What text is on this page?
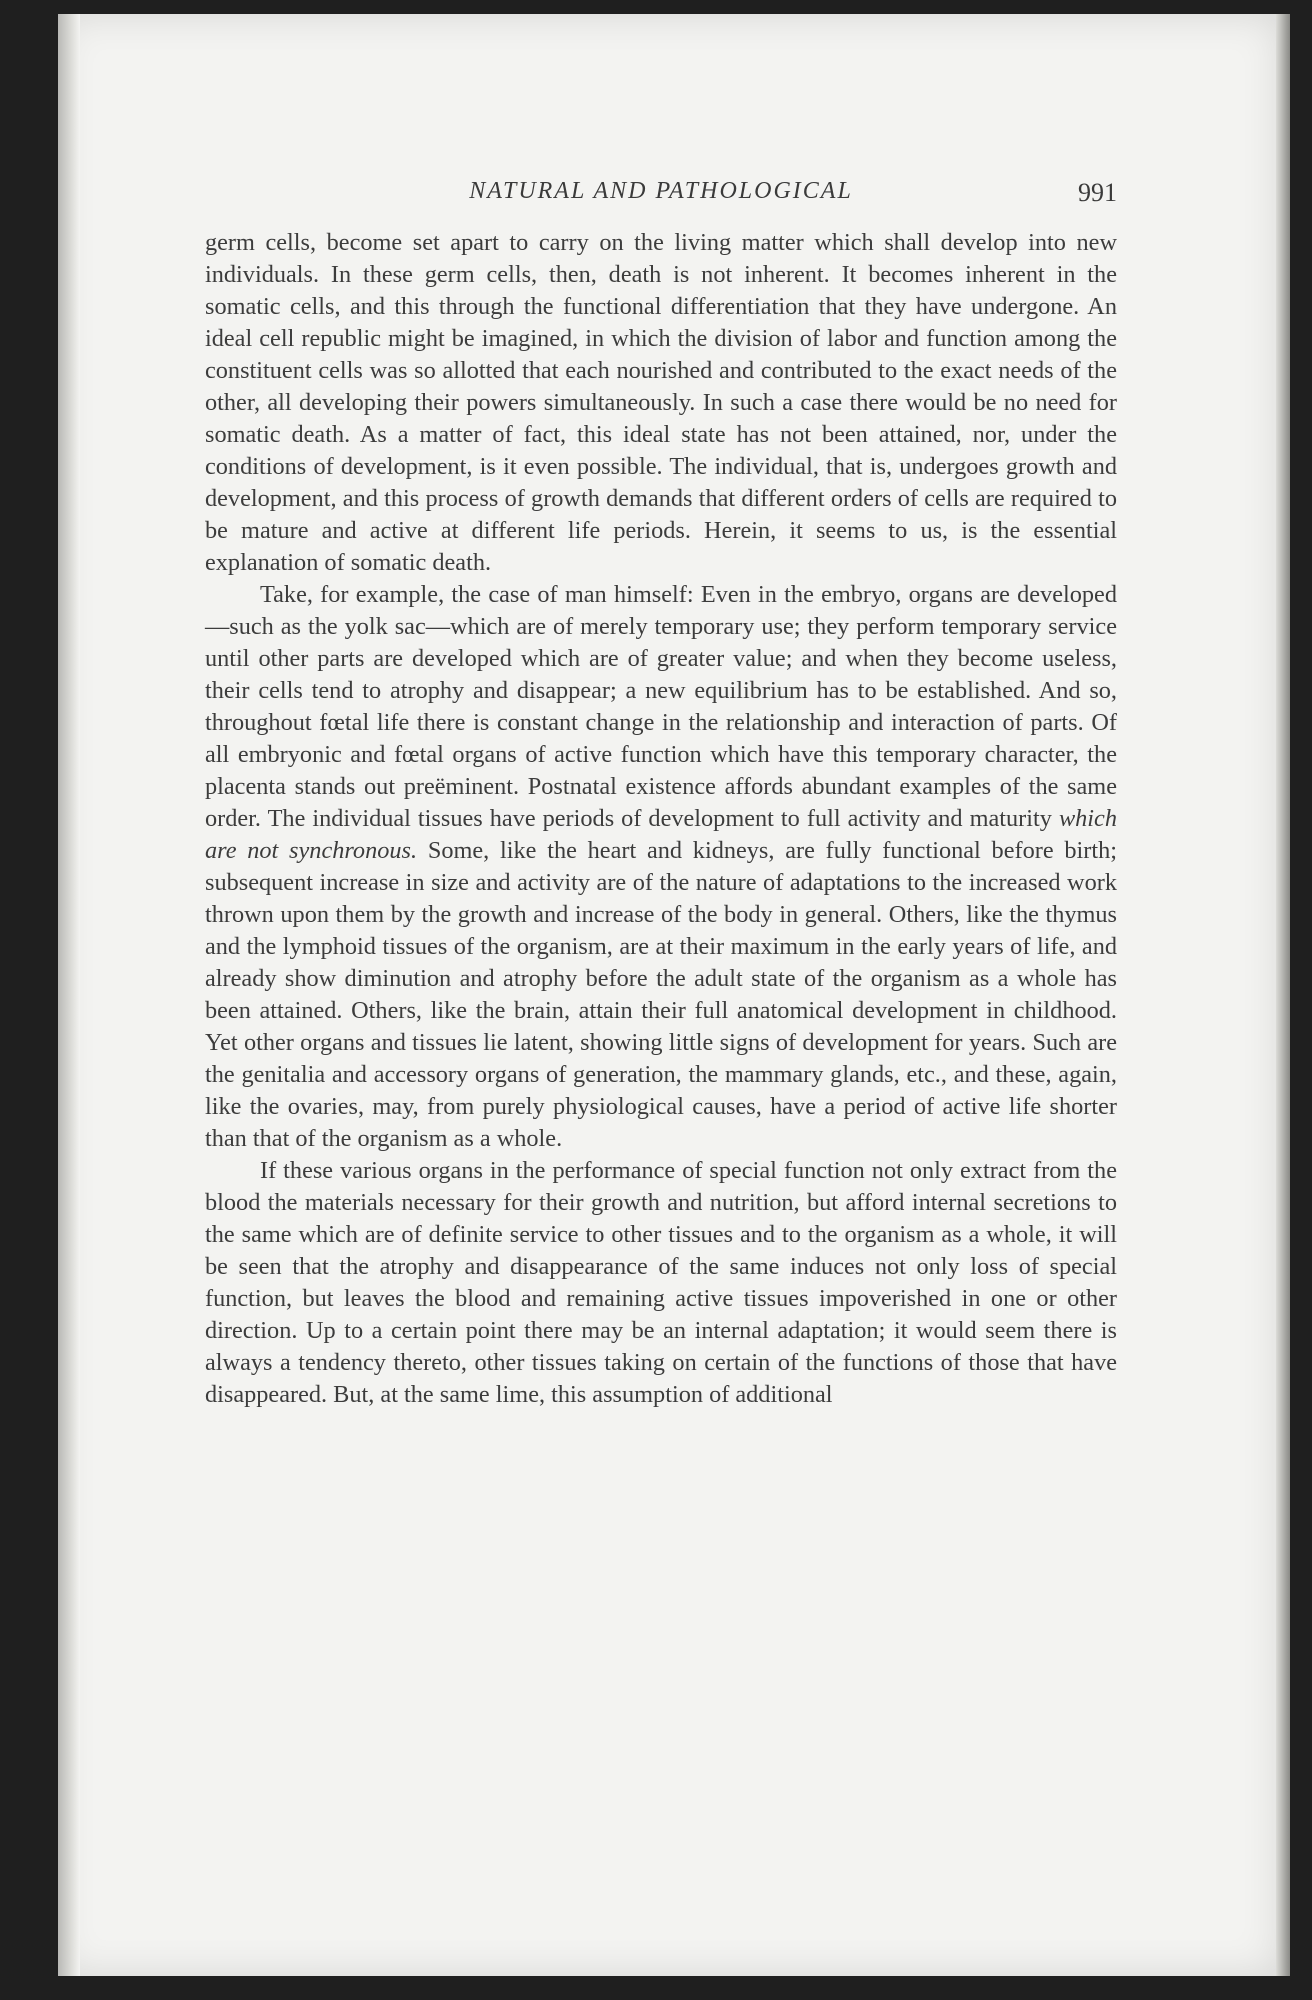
NATURAL AND PATHOLOGICAL	991

germ cells, become set apart to carry on the living matter which shall develop into new individuals. In these germ cells, then, death is not inherent. It becomes inherent in the somatic cells, and this through the functional differentiation that they have undergone. An ideal cell republic might be imagined, in which the division of labor and function among the constituent cells was so allotted that each nourished and contributed to the exact needs of the other, all developing their powers simultaneously. In such a case there would be no need for somatic death. As a matter of fact, this ideal state has not been attained, nor, under the conditions of development, is it even possible. The individual, that is, undergoes growth and development, and this process of growth demands that different orders of cells are required to be mature and active at different life periods. Herein, it seems to us, is the essential explanation of somatic death.

Take, for example, the case of man himself: Even in the embryo, organs are developed—such as the yolk sac—which are of merely temporary use; they perform temporary service until other parts are developed which are of greater value; and when they become useless, their cells tend to atrophy and disappear; a new equilibrium has to be established. And so, throughout fœtal life there is constant change in the relationship and interaction of parts. Of all embryonic and fœtal organs of active function which have this temporary character, the placenta stands out preëminent. Postnatal existence affords abundant examples of the same order. The individual tissues have periods of development to full activity and maturity which are not synchronous. Some, like the heart and kidneys, are fully functional before birth; subsequent increase in size and activity are of the nature of adaptations to the increased work thrown upon them by the growth and increase of the body in general. Others, like the thymus and the lymphoid tissues of the organism, are at their maximum in the early years of life, and already show diminution and atrophy before the adult state of the organism as a whole has been attained. Others, like the brain, attain their full anatomical development in childhood. Yet other organs and tissues lie latent, showing little signs of development for years. Such are the genitalia and accessory organs of generation, the mammary glands, etc., and these, again, like the ovaries, may, from purely physiological causes, have a period of active life shorter than that of the organism as a whole.

If these various organs in the performance of special function not only extract from the blood the materials necessary for their growth and nutrition, but afford internal secretions to the same which are of definite service to other tissues and to the organism as a whole, it will be seen that the atrophy and disappearance of the same induces not only loss of special function, but leaves the blood and remaining active tissues impoverished in one or other direction. Up to a certain point there may be an internal adaptation; it would seem there is always a tendency thereto, other tissues taking on certain of the functions of those that have disappeared. But, at the same lime, this assumption of additional
